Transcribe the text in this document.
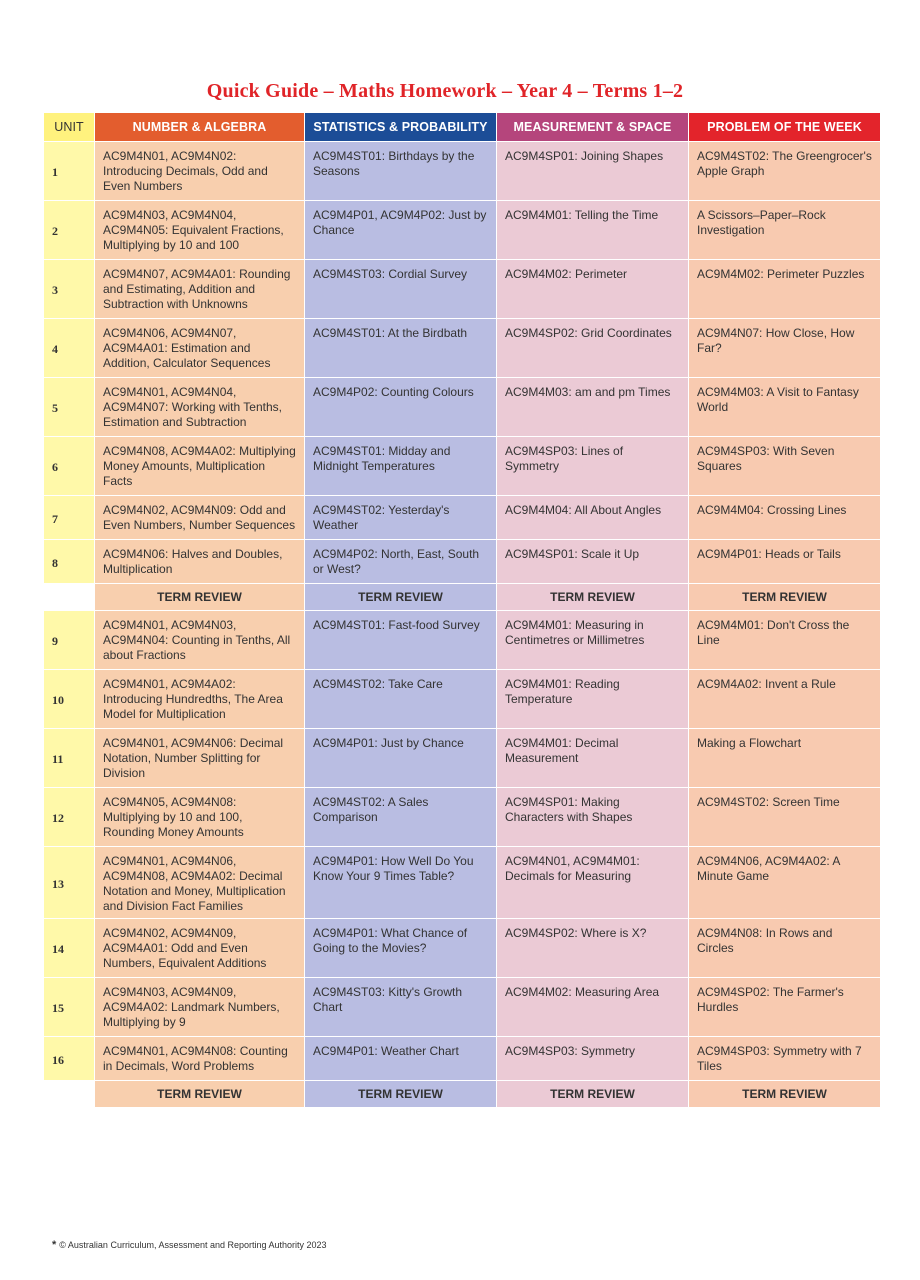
Quick Guide – Maths Homework – Year 4 – Terms 1–2
UNIT	NUMBER & ALGEBRA	STATISTICS & PROBABILITY	MEASUREMENT & SPACE	PROBLEM OF THE WEEK
1	AC9M4N01, AC9M4N02: Introducing Decimals, Odd and Even Numbers	AC9M4ST01: Birthdays by the Seasons	AC9M4SP01: Joining Shapes	AC9M4ST02: The Greengrocer's Apple Graph
2	AC9M4N03, AC9M4N04, AC9M4N05: Equivalent Fractions, Multiplying by 10 and 100	AC9M4P01, AC9M4P02: Just by Chance	AC9M4M01: Telling the Time	A Scissors–Paper–Rock Investigation
3	AC9M4N07, AC9M4A01: Rounding and Estimating, Addition and Subtraction with Unknowns	AC9M4ST03: Cordial Survey	AC9M4M02: Perimeter	AC9M4M02: Perimeter Puzzles
4	AC9M4N06, AC9M4N07, AC9M4A01: Estimation and Addition, Calculator Sequences	AC9M4ST01: At the Birdbath	AC9M4SP02: Grid Coordinates	AC9M4N07: How Close, How Far?
5	AC9M4N01, AC9M4N04, AC9M4N07: Working with Tenths, Estimation and Subtraction	AC9M4P02: Counting Colours	AC9M4M03: am and pm Times	AC9M4M03: A Visit to Fantasy World
6	AC9M4N08, AC9M4A02: Multiplying Money Amounts, Multiplication Facts	AC9M4ST01: Midday and Midnight Temperatures	AC9M4SP03: Lines of Symmetry	AC9M4SP03: With Seven Squares
7	AC9M4N02, AC9M4N09: Odd and Even Numbers, Number Sequences	AC9M4ST02: Yesterday's Weather	AC9M4M04: All About Angles	AC9M4M04: Crossing Lines
8	AC9M4N06: Halves and Doubles, Multiplication	AC9M4P02: North, East, South or West?	AC9M4SP01: Scale it Up	AC9M4P01: Heads or Tails
	TERM REVIEW	TERM REVIEW	TERM REVIEW	TERM REVIEW
9	AC9M4N01, AC9M4N03, AC9M4N04: Counting in Tenths, All about Fractions	AC9M4ST01: Fast-food Survey	AC9M4M01: Measuring in Centimetres or Millimetres	AC9M4M01: Don't Cross the Line
10	AC9M4N01, AC9M4A02: Introducing Hundredths, The Area Model for Multiplication	AC9M4ST02: Take Care	AC9M4M01: Reading Temperature	AC9M4A02: Invent a Rule
11	AC9M4N01, AC9M4N06: Decimal Notation, Number Splitting for Division	AC9M4P01: Just by Chance	AC9M4M01: Decimal Measurement	Making a Flowchart
12	AC9M4N05, AC9M4N08: Multiplying by 10 and 100, Rounding Money Amounts	AC9M4ST02: A Sales Comparison	AC9M4SP01: Making Characters with Shapes	AC9M4ST02: Screen Time
13	AC9M4N01, AC9M4N06, AC9M4N08, AC9M4A02: Decimal Notation and Money, Multiplication and Division Fact Families	AC9M4P01: How Well Do You Know Your 9 Times Table?	AC9M4N01, AC9M4M01: Decimals for Measuring	AC9M4N06, AC9M4A02: A Minute Game
14	AC9M4N02, AC9M4N09, AC9M4A01: Odd and Even Numbers, Equivalent Additions	AC9M4P01: What Chance of Going to the Movies?	AC9M4SP02: Where is X?	AC9M4N08: In Rows and Circles
15	AC9M4N03, AC9M4N09, AC9M4A02: Landmark Numbers, Multiplying by 9	AC9M4ST03: Kitty's Growth Chart	AC9M4M02: Measuring Area	AC9M4SP02: The Farmer's Hurdles
16	AC9M4N01, AC9M4N08: Counting in Decimals, Word Problems	AC9M4P01: Weather Chart	AC9M4SP03: Symmetry	AC9M4SP03: Symmetry with 7 Tiles
	TERM REVIEW	TERM REVIEW	TERM REVIEW	TERM REVIEW
* © Australian Curriculum, Assessment and Reporting Authority 2023
